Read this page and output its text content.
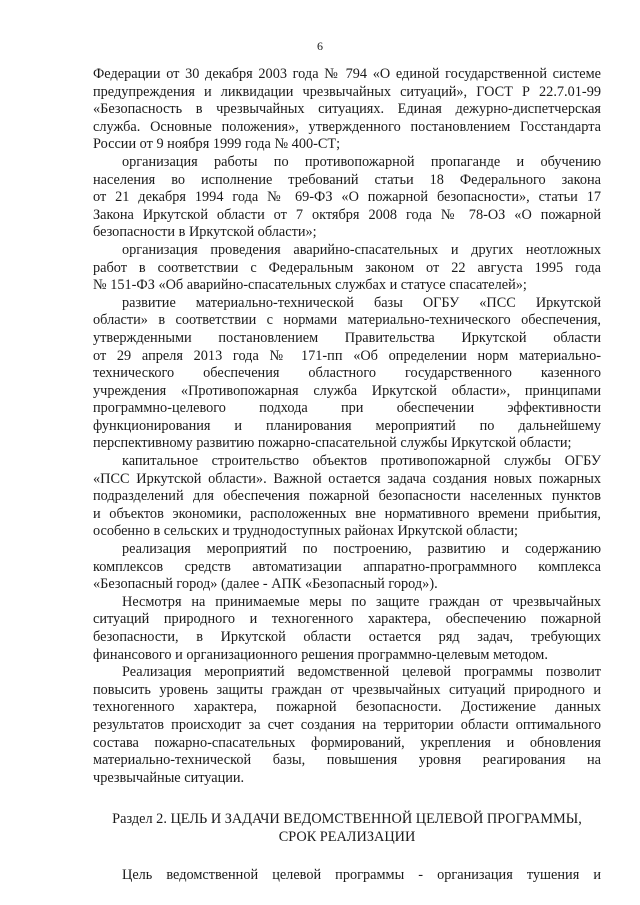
6
Федерации от 30 декабря 2003 года № 794 «О единой государственной системе
предупреждения и ликвидации чрезвычайных ситуаций», ГОСТ Р 22.7.01-99
«Безопасность в чрезвычайных ситуациях. Единая дежурно-диспетчерская
служба. Основные положения», утвержденного постановлением Госстандарта
России от 9 ноября 1999 года № 400-СТ;
организация работы по противопожарной пропаганде и обучению
населения во исполнение требований статьи 18 Федерального закона
от 21 декабря 1994 года № 69-ФЗ «О пожарной безопасности», статьи 17
Закона Иркутской области от 7 октября 2008 года № 78-ОЗ «О пожарной
безопасности в Иркутской области»;
организация проведения аварийно-спасательных и других неотложных
работ в соответствии с Федеральным законом от 22 августа 1995 года
№ 151-ФЗ «Об аварийно-спасательных службах и статусе спасателей»;
развитие материально-технической базы ОГБУ «ПСС Иркутской
области» в соответствии с нормами материально-технического обеспечения,
утвержденными постановлением Правительства Иркутской области
от 29 апреля 2013 года № 171-пп «Об определении норм материально-
технического обеспечения областного государственного казенного
учреждения «Противопожарная служба Иркутской области», принципами
программно-целевого подхода при обеспечении эффективности
функционирования и планирования мероприятий по дальнейшему
перспективному развитию пожарно-спасательной службы Иркутской области;
капитальное строительство объектов противопожарной службы ОГБУ
«ПСС Иркутской области». Важной остается задача создания новых пожарных
подразделений для обеспечения пожарной безопасности населенных пунктов
и объектов экономики, расположенных вне нормативного времени прибытия,
особенно в сельских и труднодоступных районах Иркутской области;
реализация мероприятий по построению, развитию и содержанию
комплексов средств автоматизации аппаратно-программного комплекса
«Безопасный город» (далее - АПК «Безопасный город»).
Несмотря на принимаемые меры по защите граждан от чрезвычайных
ситуаций природного и техногенного характера, обеспечению пожарной
безопасности, в Иркутской области остается ряд задач, требующих
финансового и организационного решения программно-целевым методом.
Реализация мероприятий ведомственной целевой программы позволит
повысить уровень защиты граждан от чрезвычайных ситуаций природного и
техногенного характера, пожарной безопасности. Достижение данных
результатов происходит за счет создания на территории области оптимального
состава пожарно-спасательных формирований, укрепления и обновления
материально-технической базы, повышения уровня реагирования на
чрезвычайные ситуации.
Раздел 2. ЦЕЛЬ И ЗАДАЧИ ВЕДОМСТВЕННОЙ ЦЕЛЕВОЙ ПРОГРАММЫ,
СРОК РЕАЛИЗАЦИИ
Цель ведомственной целевой программы - организация тушения и
